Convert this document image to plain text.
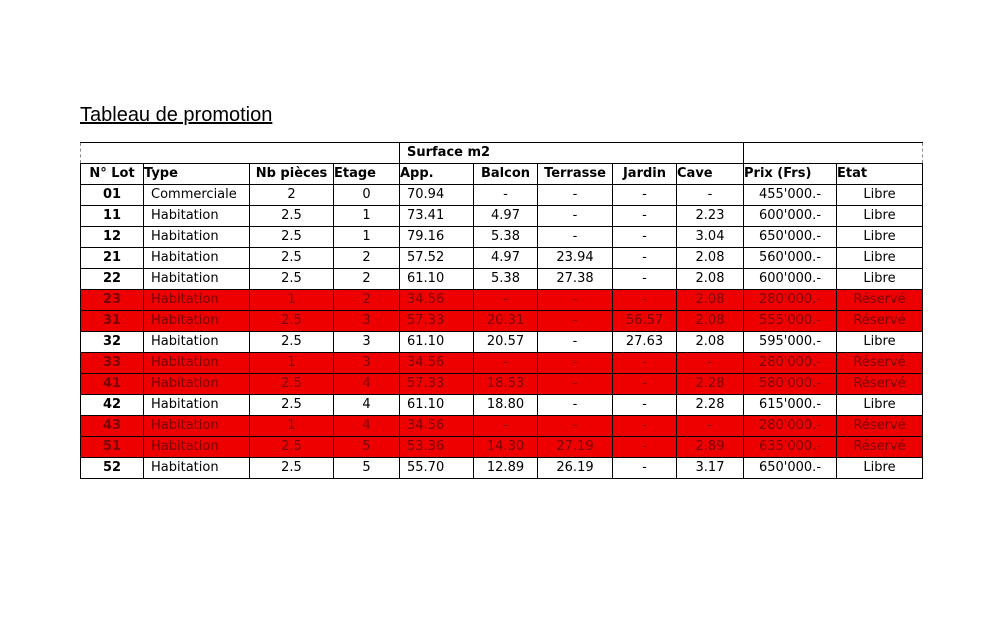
Tableau de promotion
				Surface m2						
N° Lot	Type	Nb pièces	Etage	App.	Balcon	Terrasse	Jardin	Cave	Prix (Frs)	Etat
01	Commerciale	2	0	70.94	-	-	-	-	455'000.-	Libre
11	Habitation	2.5	1	73.41	4.97	-	-	2.23	600'000.-	Libre
12	Habitation	2.5	1	79.16	5.38	-	-	3.04	650'000.-	Libre
21	Habitation	2.5	2	57.52	4.97	23.94	-	2.08	560'000.-	Libre
22	Habitation	2.5	2	61.10	5.38	27.38	-	2.08	600'000.-	Libre
23	Habitation	1	2	34.56	-	-	-	2.08	280'000.-	Réservé
31	Habitation	2.5	3	57.33	20.31	-	56.57	2.08	555'000.-	Réservé
32	Habitation	2.5	3	61.10	20.57	-	27.63	2.08	595'000.-	Libre
33	Habitation	1	3	34.56	-	-	-	-	280'000.-	Réservé
41	Habitation	2.5	4	57.33	18.53	-	-	2.28	580'000.-	Réservé
42	Habitation	2.5	4	61.10	18.80	-	-	2.28	615'000.-	Libre
43	Habitation	1	4	34.56	-	-	-	-	280'000.-	Réservé
51	Habitation	2.5	5	53.36	14.30	27.19	-	2.89	635'000.-	Réservé
52	Habitation	2.5	5	55.70	12.89	26.19	-	3.17	650'000.-	Libre
